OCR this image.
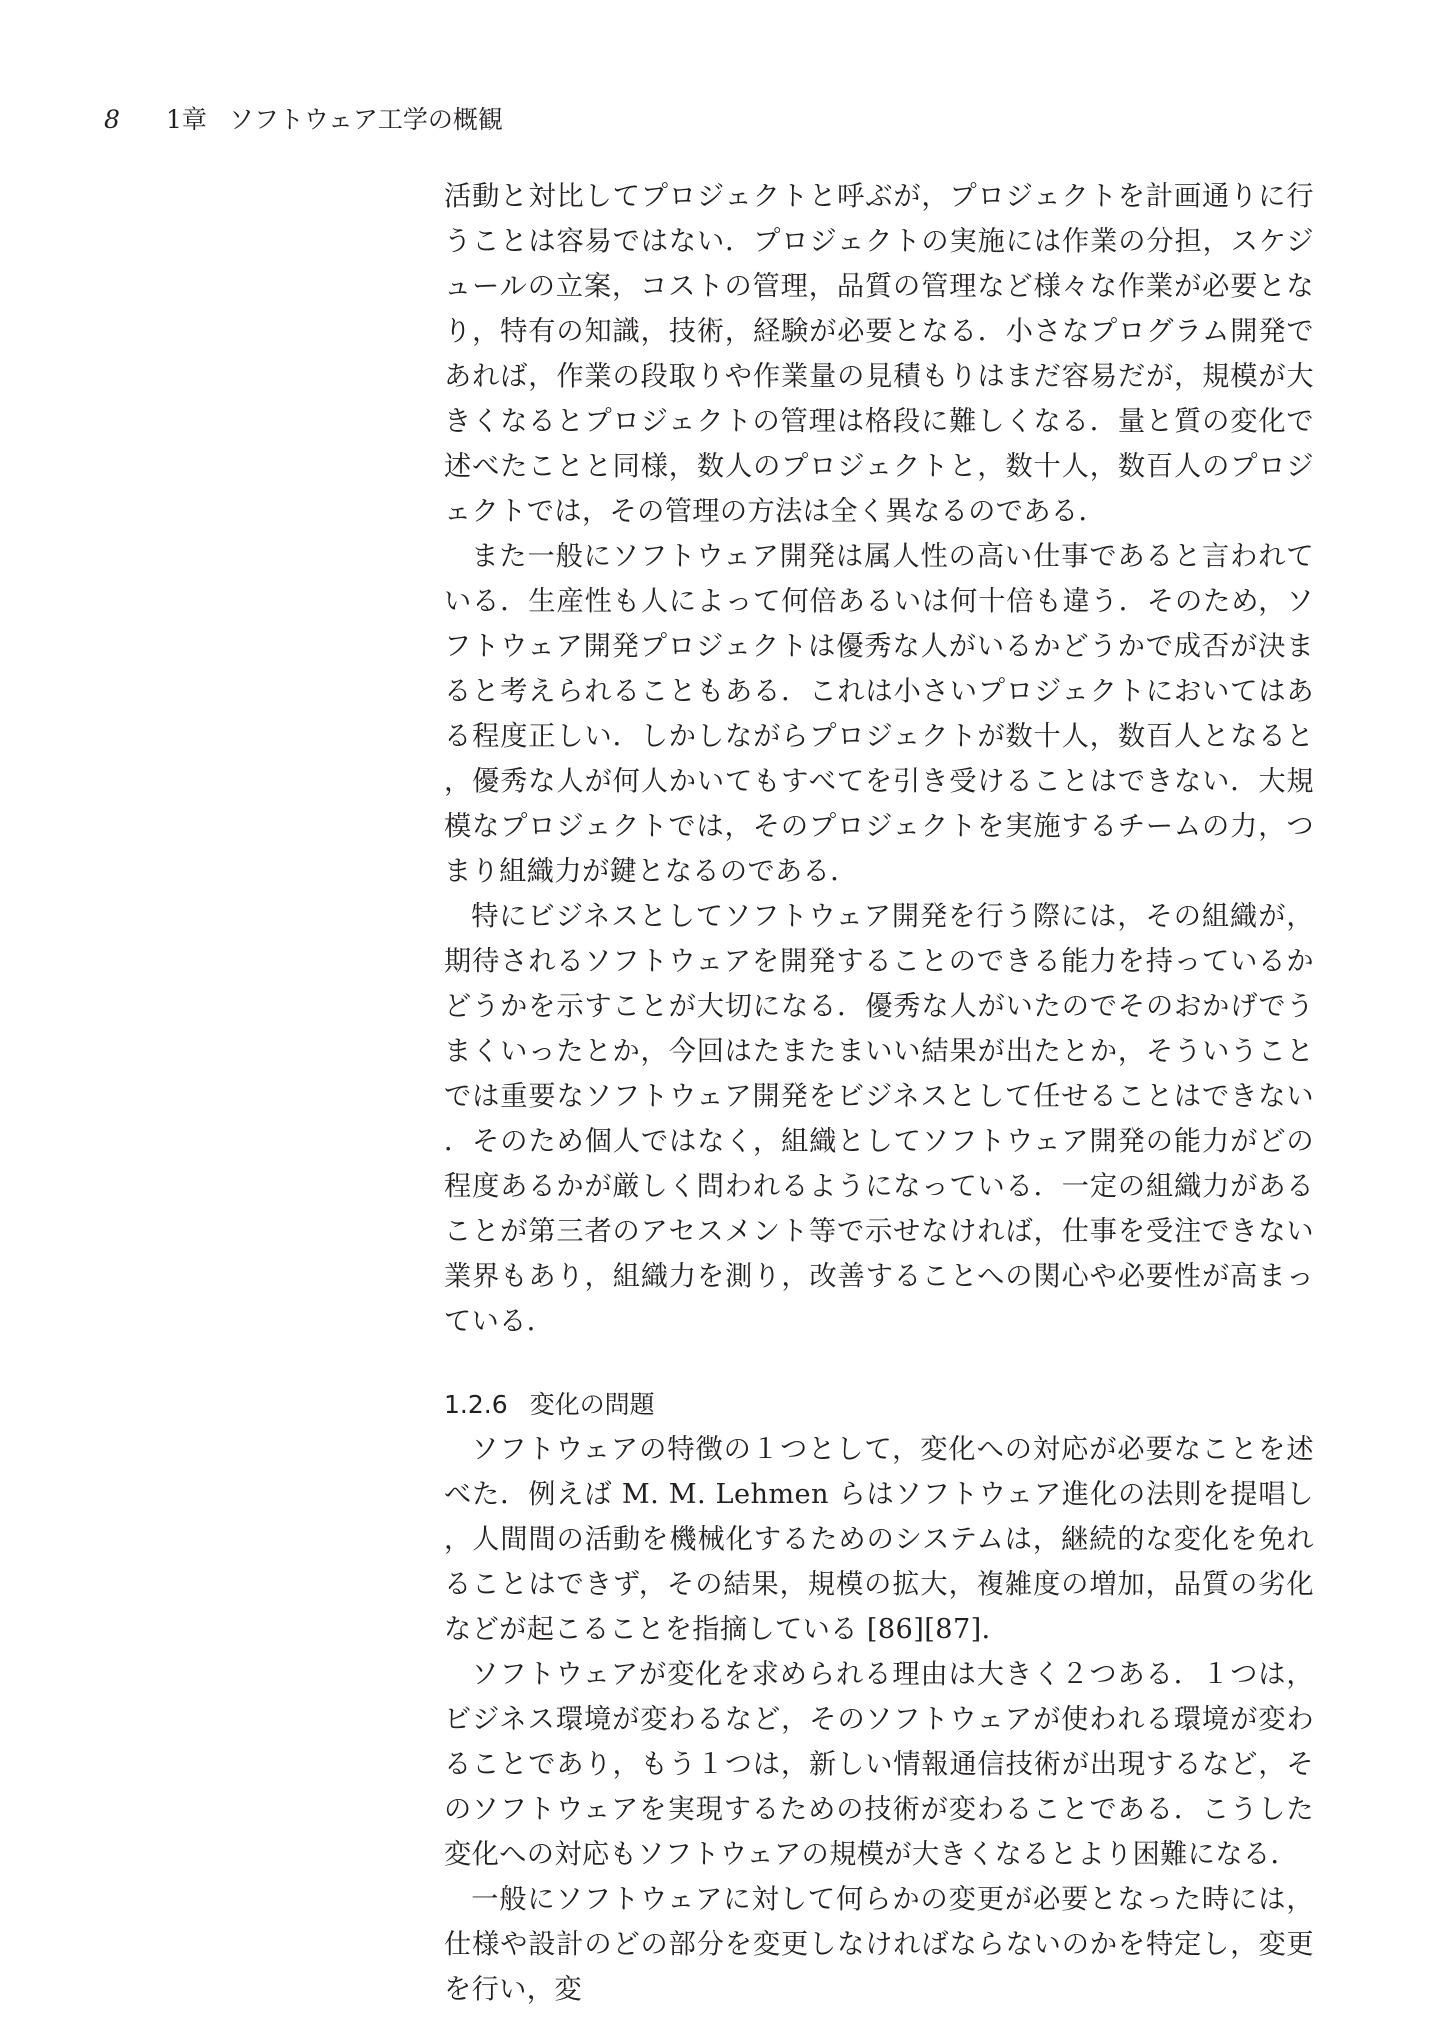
8 1章 ソフトウェア工学の概観

活動と対比してプロジェクトと呼ぶが，プロジェクトを計画通りに行うことは容易ではない．プロジェクトの実施には作業の分担，スケジュールの立案，コストの管理，品質の管理など様々な作業が必要となり，特有の知識，技術，経験が必要となる．小さなプログラム開発であれば，作業の段取りや作業量の見積もりはまだ容易だが，規模が大きくなるとプロジェクトの管理は格段に難しくなる．量と質の変化で述べたことと同様，数人のプロジェクトと，数十人，数百人のプロジェクトでは，その管理の方法は全く異なるのである．

また一般にソフトウェア開発は属人性の高い仕事であると言われている．生産性も人によって何倍あるいは何十倍も違う．そのため，ソフトウェア開発プロジェクトは優秀な人がいるかどうかで成否が決まると考えられることもある．これは小さいプロジェクトにおいてはある程度正しい．しかしながらプロジェクトが数十人，数百人となると，優秀な人が何人かいてもすべてを引き受けることはできない．大規模なプロジェクトでは，そのプロジェクトを実施するチームの力，つまり組織力が鍵となるのである．

特にビジネスとしてソフトウェア開発を行う際には，その組織が，期待されるソフトウェアを開発することのできる能力を持っているかどうかを示すことが大切になる．優秀な人がいたのでそのおかげでうまくいったとか，今回はたまたまいい結果が出たとか，そういうことでは重要なソフトウェア開発をビジネスとして任せることはできない．そのため個人ではなく，組織としてソフトウェア開発の能力がどの程度あるかが厳しく問われるようになっている．一定の組織力があることが第三者のアセスメント等で示せなければ，仕事を受注できない業界もあり，組織力を測り，改善することへの関心や必要性が高まっている．

1.2.6 変化の問題

ソフトウェアの特徴の１つとして，変化への対応が必要なことを述べた．例えば M. M. Lehmen らはソフトウェア進化の法則を提唱し，人間間の活動を機械化するためのシステムは，継続的な変化を免れることはできず，その結果，規模の拡大，複雑度の増加，品質の劣化などが起こることを指摘している [86][87]．

ソフトウェアが変化を求められる理由は大きく２つある．１つは，ビジネス環境が変わるなど，そのソフトウェアが使われる環境が変わることであり，もう１つは，新しい情報通信技術が出現するなど，そのソフトウェアを実現するための技術が変わることである．こうした変化への対応もソフトウェアの規模が大きくなるとより困難になる．

一般にソフトウェアに対して何らかの変更が必要となった時には，仕様や設計のどの部分を変更しなければならないのかを特定し，変更を行い，変
